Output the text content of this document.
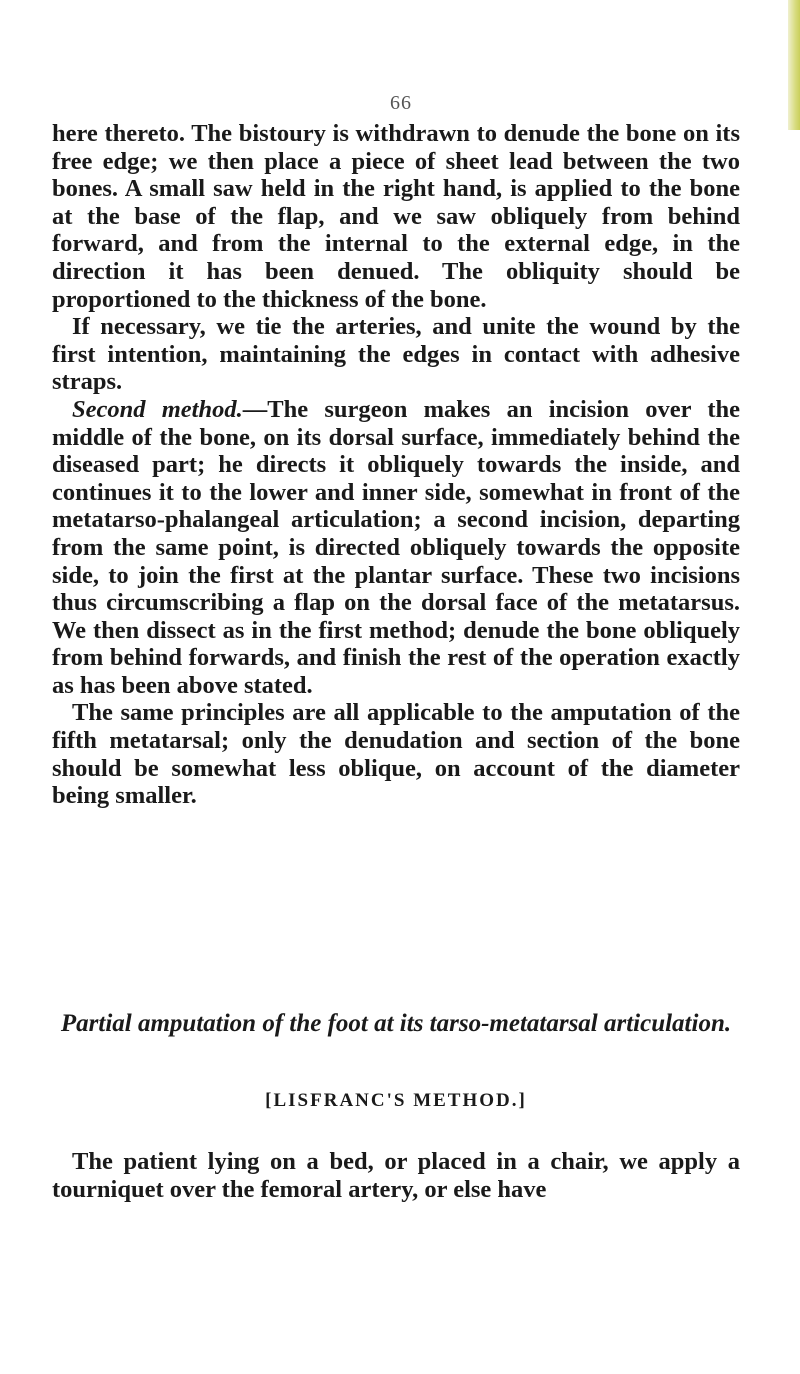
66

here thereto. The bistoury is withdrawn to denude the bone on its free edge; we then place a piece of sheet lead between the two bones. A small saw held in the right hand, is applied to the bone at the base of the flap, and we saw obliquely from behind forward, and from the internal to the external edge, in the direction it has been denued. The obliquity should be proportioned to the thickness of the bone.

If necessary, we tie the arteries, and unite the wound by the first intention, maintaining the edges in contact with adhesive straps.

Second method.—The surgeon makes an incision over the middle of the bone, on its dorsal surface, immediately behind the diseased part; he directs it obliquely towards the inside, and continues it to the lower and inner side, somewhat in front of the metatarso-phalangeal articulation; a second incision, departing from the same point, is directed obliquely towards the opposite side, to join the first at the plantar surface. These two incisions thus circumscribing a flap on the dorsal face of the metatarsus. We then dissect as in the first method; denude the bone obliquely from behind forwards, and finish the rest of the operation exactly as has been above stated.

The same principles are all applicable to the amputation of the fifth metatarsal; only the denudation and section of the bone should be somewhat less oblique, on account of the diameter being smaller.

Partial amputation of the foot at its tarso-metatarsal articulation.
[LISFRANC'S METHOD.]

The patient lying on a bed, or placed in a chair, we apply a tourniquet over the femoral artery, or else have
